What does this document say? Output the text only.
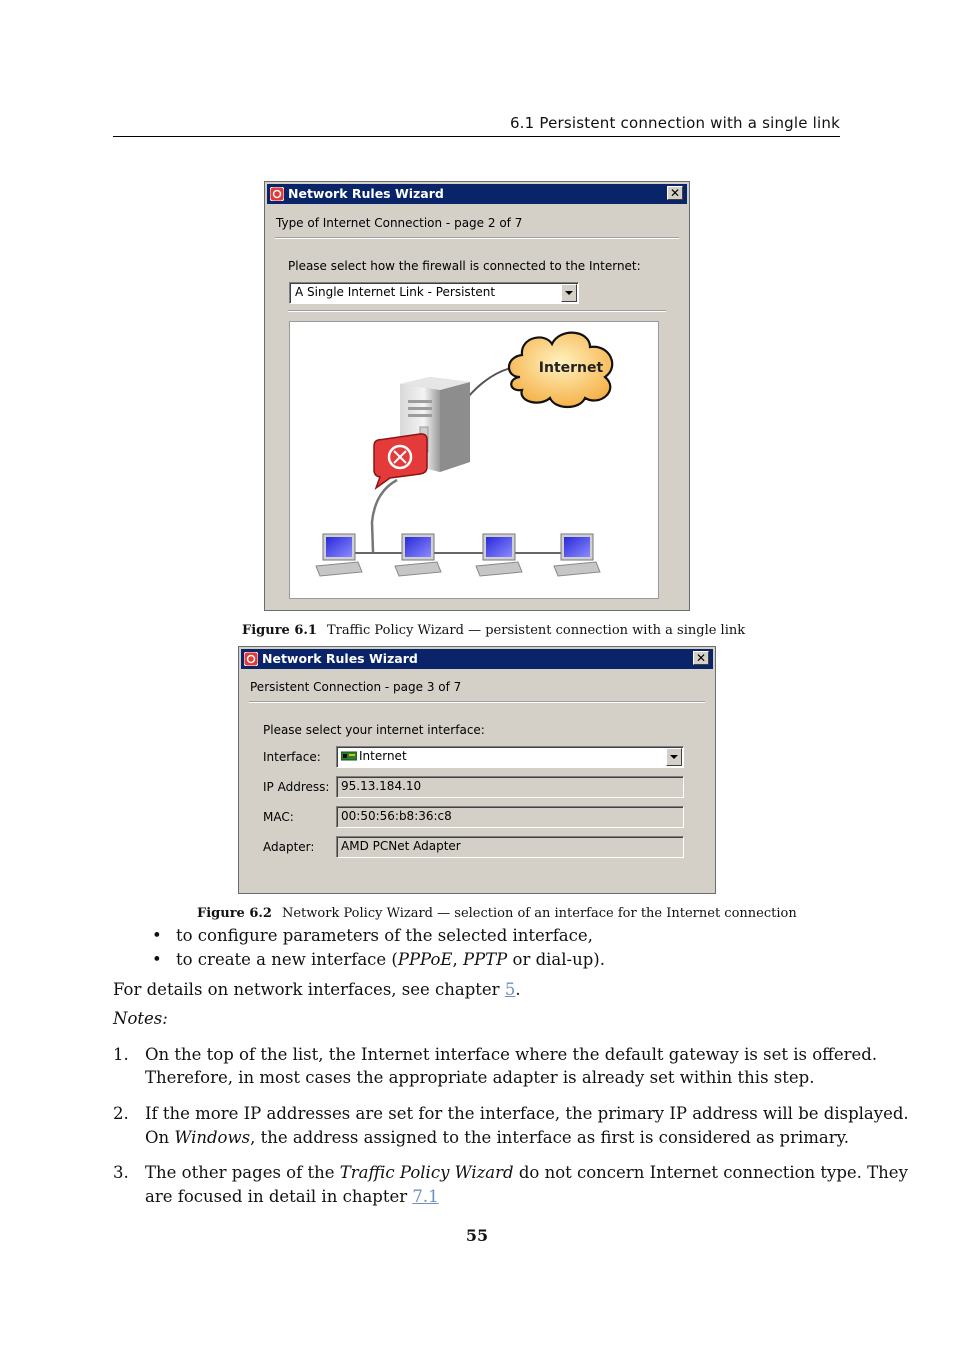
6.1 Persistent connection with a single link
Network Rules Wizard	✕
Type of Internet Connection - page 2 of 7
Please select how the firewall is connected to the Internet:
A Single Internet Link - Persistent
Internet
Figure 6.1 Traffic Policy Wizard — persistent connection with a single link
Network Rules Wizard	✕
Persistent Connection - page 3 of 7
Please select your internet interface:
Interface:	Internet
IP Address: 95.13.184.10
MAC:	00:50:56:b8:36:c8
Adapter:	AMD PCNet Adapter
Figure 6.2 Network Policy Wizard — selection of an interface for the Internet connection
• to configure parameters of the selected interface,
• to create a new interface (PPPoE, PPTP or dial-up).
For details on network interfaces, see chapter 5.
Notes:
1. On the top of the list, the Internet interface where the default gateway is set is offered.
Therefore, in most cases the appropriate adapter is already set within this step.
2. If the more IP addresses are set for the interface, the primary IP address will be displayed.
On Windows, the address assigned to the interface as first is considered as primary.
3. The other pages of the Traffic Policy Wizard do not concern Internet connection type. They
are focused in detail in chapter 7.1
55
